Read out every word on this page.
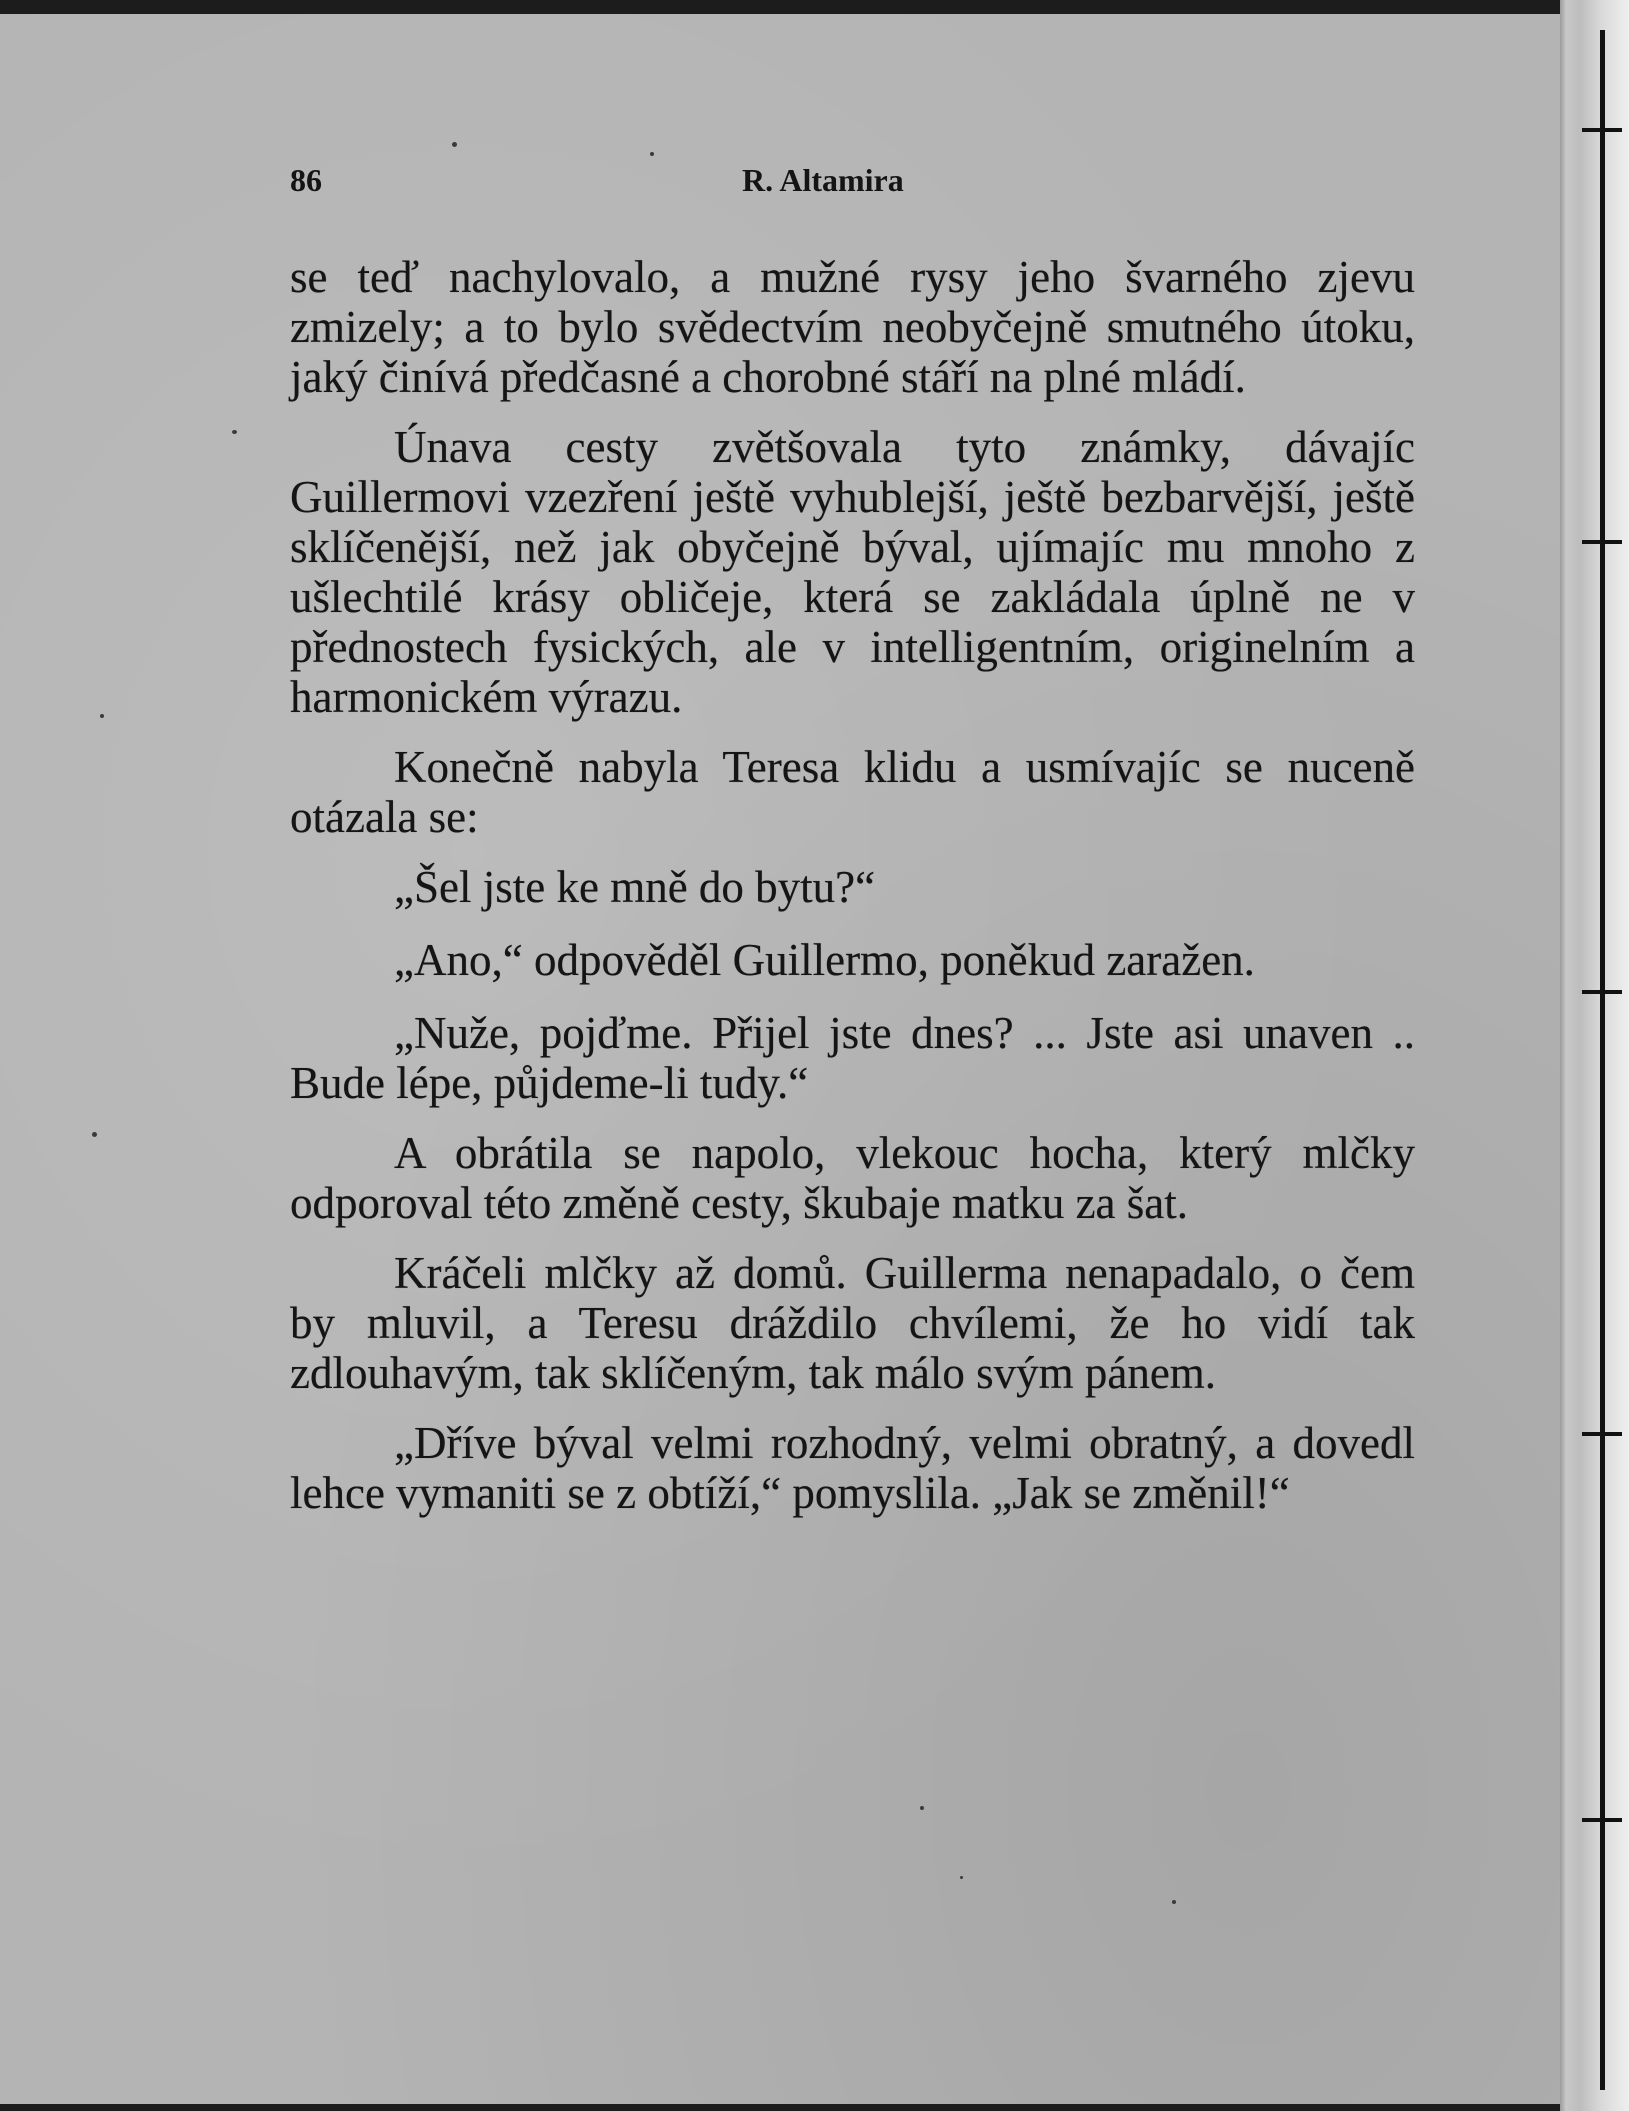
86	R. Altamira

se teď nachylovalo, a mužné rysy jeho švarného zjevu zmizely; a to bylo svědectvím neobyčejně smutného útoku, jaký činívá předčasné a chorobné stáří na plné mládí.

Únava cesty zvětšovala tyto známky, dávajíc Guillermovi vzezření ještě vyhublejší, ještě bezbarvější, ještě sklíčenější, než jak obyčejně býval, ujímajíc mu mnoho z ušlechtilé krásy obličeje, která se zakládala úplně ne v přednostech fysických, ale v intelligentním, originelním a harmonickém výrazu.

Konečně nabyla Teresa klidu a usmívajíc se nuceně otázala se:

„Šel jste ke mně do bytu?“

„Ano,“ odpověděl Guillermo, poněkud zaražen.

„Nuže, pojďme. Přijel jste dnes? ... Jste asi unaven .. Bude lépe, půjdeme-li tudy.“

A obrátila se napolo, vlekouc hocha, který mlčky odporoval této změně cesty, škubaje matku za šat.

Kráčeli mlčky až domů. Guillerma nenapadalo, o čem by mluvil, a Teresu dráždilo chvílemi, že ho vidí tak zdlouhavým, tak sklíčeným, tak málo svým pánem.

„Dříve býval velmi rozhodný, velmi obratný, a dovedl lehce vymaniti se z obtíží,“ pomyslila. „Jak se změnil!“
